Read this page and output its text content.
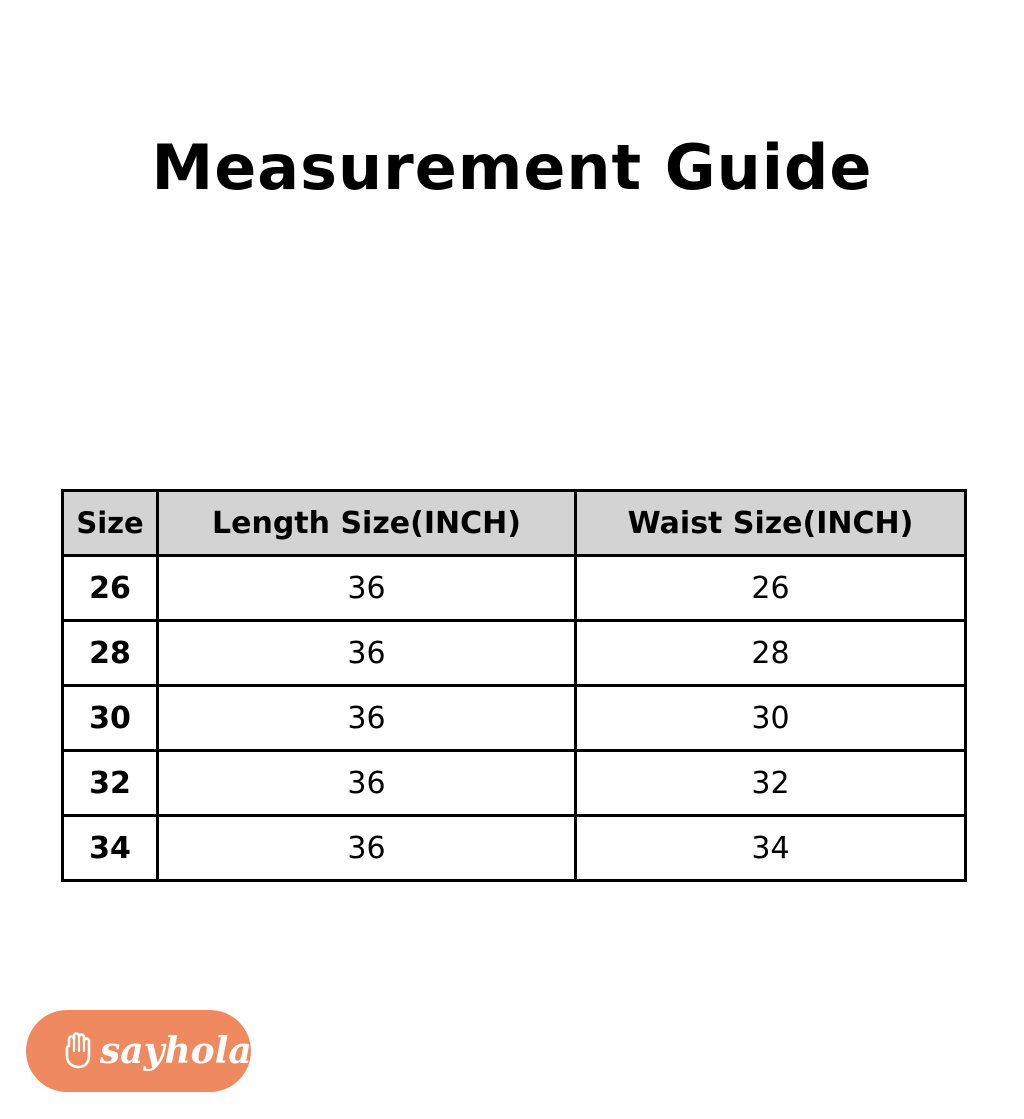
Measurement Guide
Size	Length Size(INCH)	Waist Size(INCH)
26	36	26
28	36	28
30	36	30
32	36	32
34	36	34
sayhola
